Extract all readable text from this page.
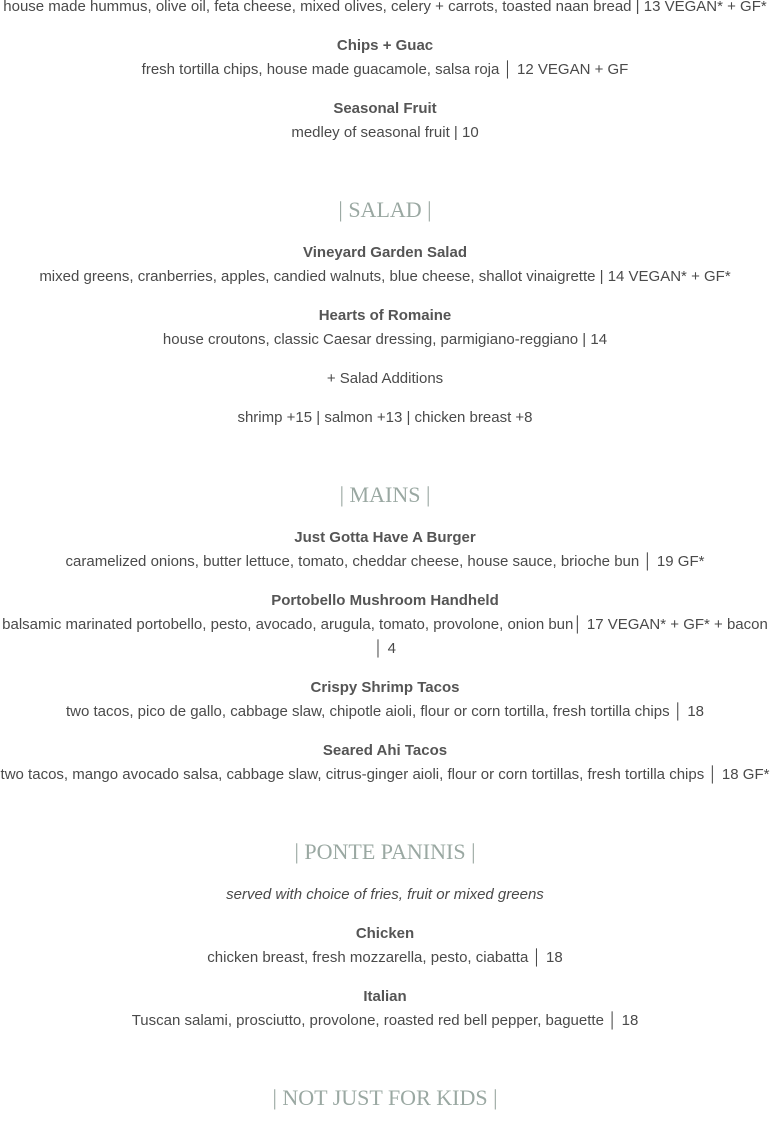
house made hummus, olive oil, feta cheese, mixed olives, celery + carrots, toasted naan bread | 13 VEGAN* + GF*
Chips + Guac
fresh tortilla chips, house made guacamole, salsa roja │ 12 VEGAN + GF
Seasonal Fruit
medley of seasonal fruit | 10
| SALAD |
Vineyard Garden Salad
mixed greens, cranberries, apples, candied walnuts, blue cheese, shallot vinaigrette | 14 VEGAN* + GF*
Hearts of Romaine
house croutons, classic Caesar dressing, parmigiano-reggiano | 14
+ Salad Additions
shrimp +15 | salmon +13 | chicken breast +8
| MAINS |
Just Gotta Have A Burger
caramelized onions, butter lettuce, tomato, cheddar cheese, house sauce, brioche bun │ 19 GF*
Portobello Mushroom Handheld
balsamic marinated portobello, pesto, avocado, arugula, tomato, provolone, onion bun│ 17 VEGAN* + GF* + bacon │ 4
Crispy Shrimp Tacos
two tacos, pico de gallo, cabbage slaw, chipotle aioli, flour or corn tortilla, fresh tortilla chips │ 18
Seared Ahi Tacos
two tacos, mango avocado salsa, cabbage slaw, citrus-ginger aioli, flour or corn tortillas, fresh tortilla chips │ 18 GF*
| PONTE PANINIS |
served with choice of fries, fruit or mixed greens
Chicken
chicken breast, fresh mozzarella, pesto, ciabatta │ 18
Italian
Tuscan salami, prosciutto, provolone, roasted red bell pepper, baguette │ 18
| NOT JUST FOR KIDS |
